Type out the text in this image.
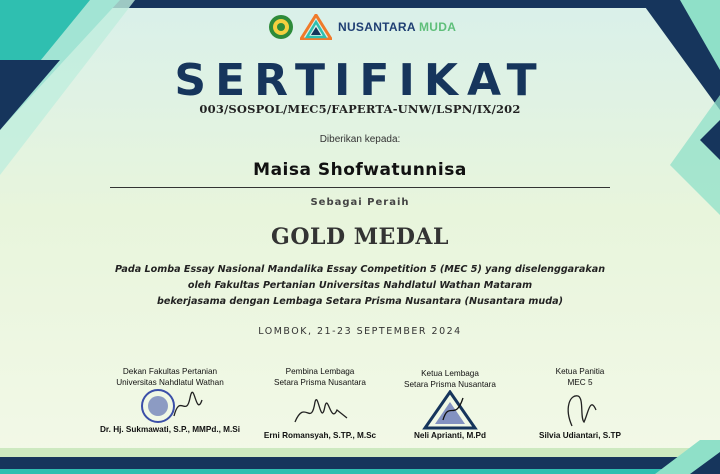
NUSANTARA MUDA
SERTIFIKAT
003/SOSPOL/MEC5/FAPERTA-UNW/LSPN/IX/202
Diberikan kepada:
Maisa Shofwatunnisa
Sebagai Peraih
GOLD MEDAL
Pada Lomba Essay Nasional Mandalika Essay Competition 5 (MEC 5) yang diselenggarakan
oleh Fakultas Pertanian Universitas Nahdlatul Wathan Mataram
bekerjasama dengan Lembaga Setara Prisma Nusantara (Nusantara muda)
LOMBOK, 21-23 SEPTEMBER 2024
Dekan Fakultas Pertanian
Universitas Nahdlatul Wathan
Dr. Hj. Sukmawati, S.P., MMPd., M.Si
Pembina Lembaga
Setara Prisma Nusantara
Erni Romansyah, S.TP., M.Sc
Ketua Lembaga
Setara Prisma Nusantara
Neli Aprianti, M.Pd
Ketua Panitia
MEC 5
Silvia Udiantari, S.TP
